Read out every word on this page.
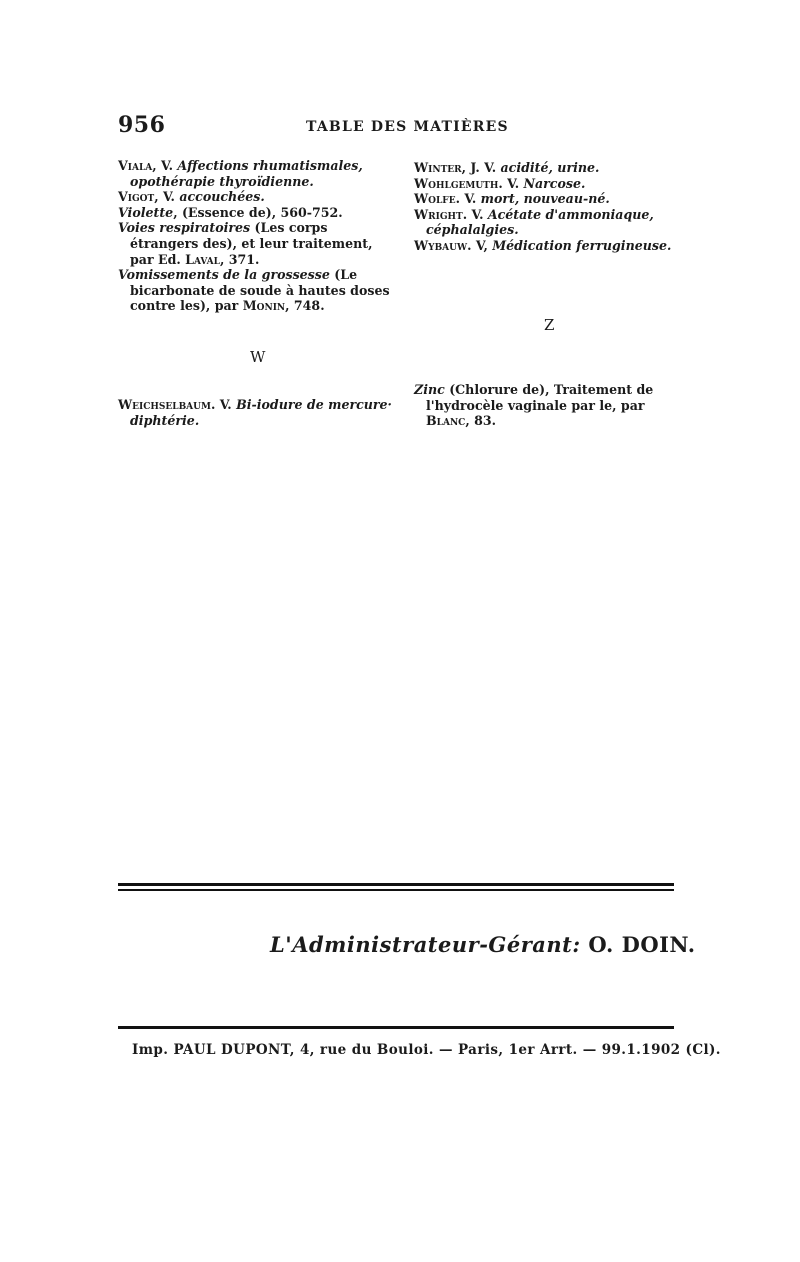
956	TABLE DES MATIÈRES

Viala, V. Affections rhumatismales, opothérapie thyroïdienne.

Vigot, V. accouchées.

Violette, (Essence de), 560-752.

Voies respiratoires (Les corps étrangers des), et leur traitement, par Ed. Laval, 371.

Vomissements de la grossesse (Le bicarbonate de soude à hautes doses contre les), par Monin, 748.

W

Weichselbaum. V. Bi-iodure de mercure· diphtérie.

Winter, J. V. acidité, urine.

Wohlgemuth. V. Narcose.

Wolfe. V. mort, nouveau-né.

Wright. V. Acétate d'ammoniaque, céphalalgies.

Wybauw. V, Médication ferrugineuse.

Z

Zinc (Chlorure de), Traitement de l'hydrocèle vaginale par le, par Blanc, 83.

L'Administrateur-Gérant: O. DOIN.
Imp. PAUL DUPONT, 4, rue du Bouloi. — Paris, 1er Arrt. — 99.1.1902 (Cl).
